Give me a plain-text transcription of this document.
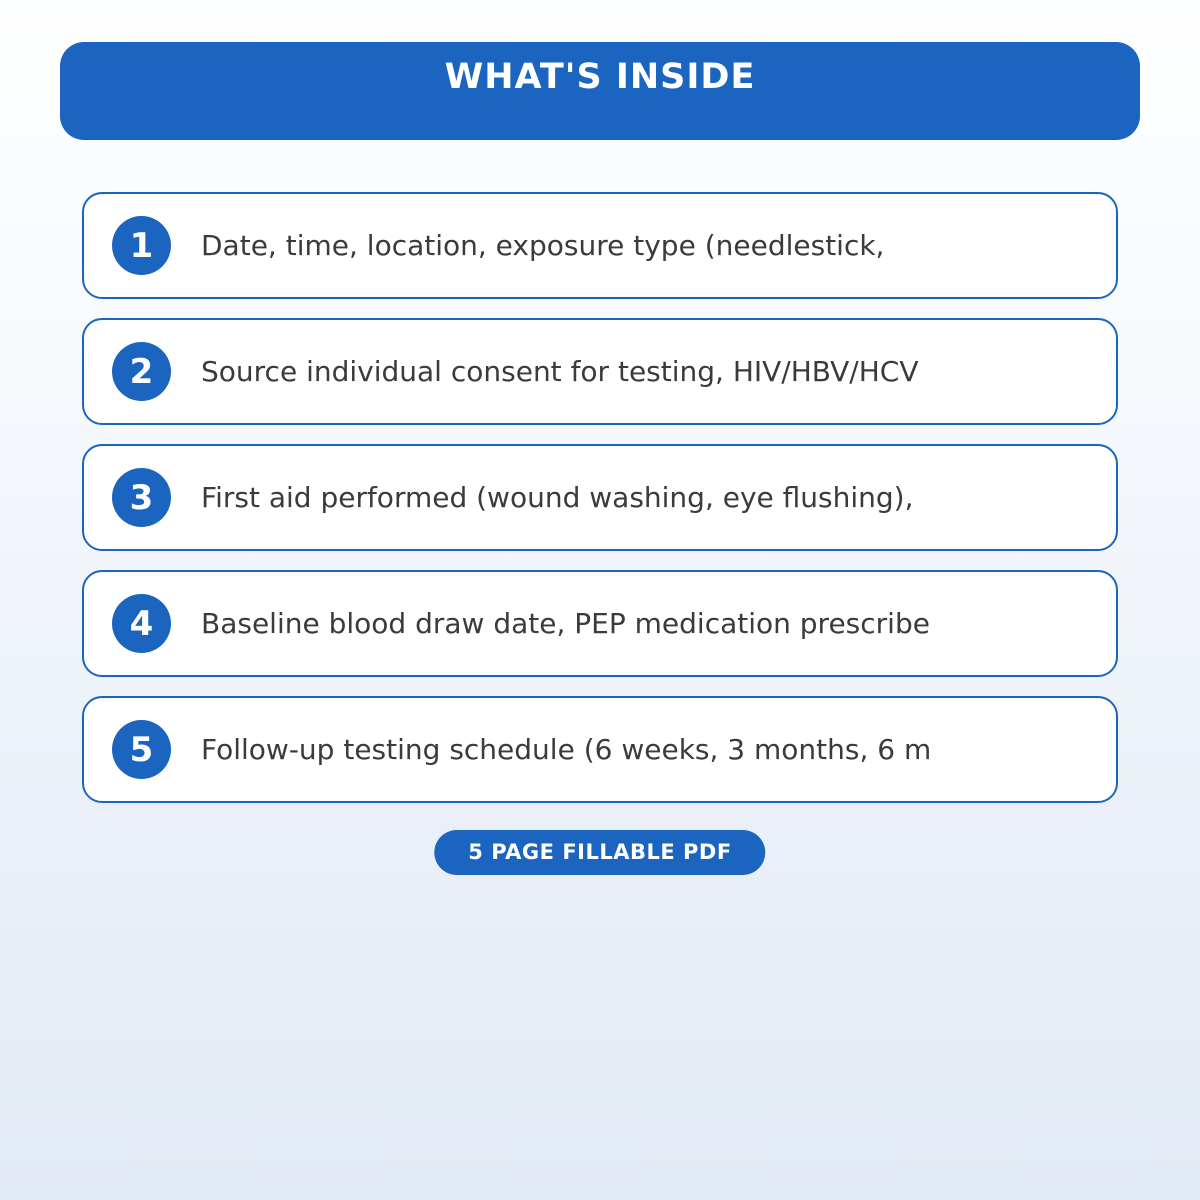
WHAT'S INSIDE
1	Date, time, location, exposure type (needlestick,
2	Source individual consent for testing, HIV/HBV/HCV
3	First aid performed (wound washing, eye flushing),
4	Baseline blood draw date, PEP medication prescribe
5	Follow-up testing schedule (6 weeks, 3 months, 6 m
5 PAGE FILLABLE PDF
